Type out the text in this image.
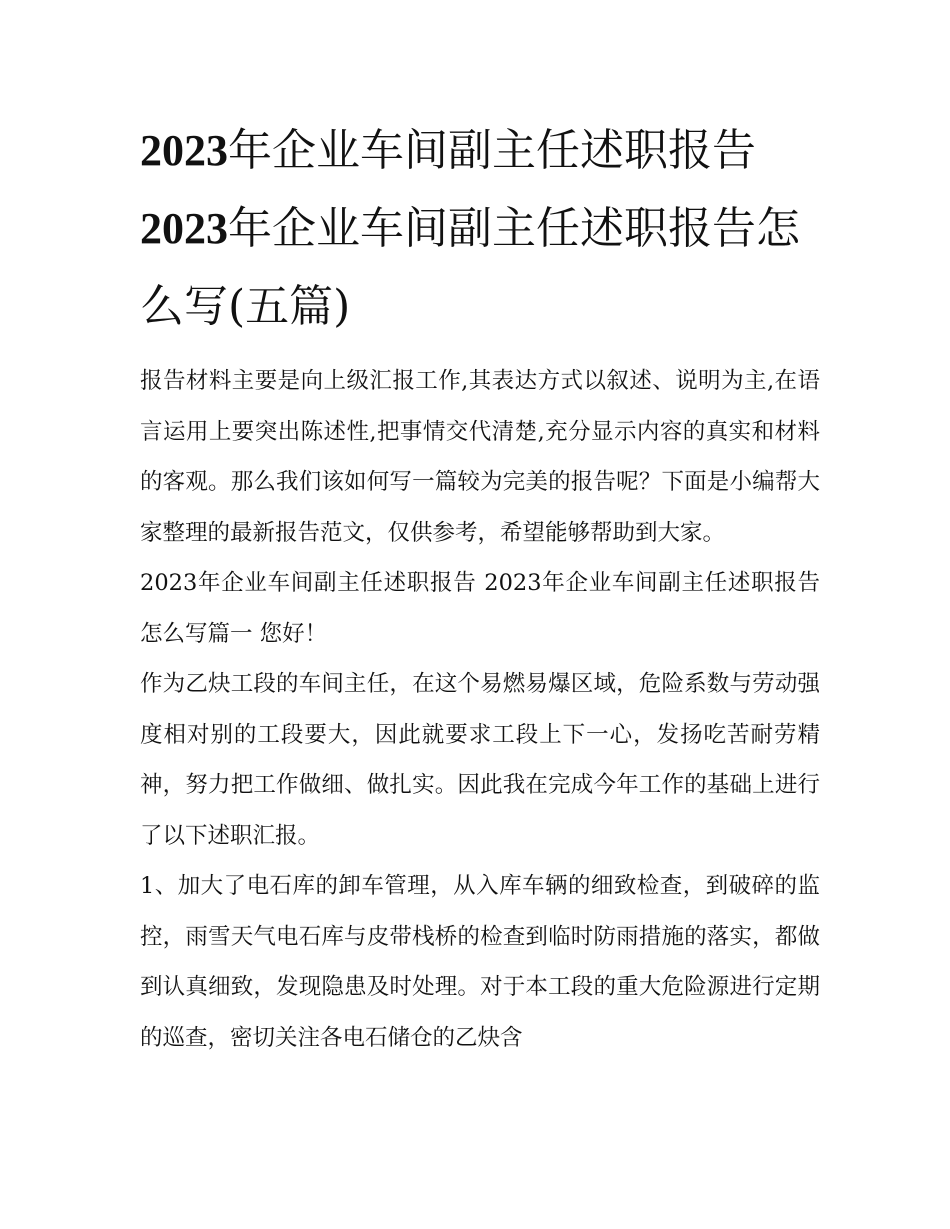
2023年企业车间副主任述职报告2023年企业车间副主任述职报告怎么写(五篇)

报告材料主要是向上级汇报工作,其表达方式以叙述、说明为主,在语言运用上要突出陈述性,把事情交代清楚,充分显示内容的真实和材料的客观。那么我们该如何写一篇较为完美的报告呢？下面是小编帮大家整理的最新报告范文，仅供参考，希望能够帮助到大家。

2023年企业车间副主任述职报告 2023年企业车间副主任述职报告怎么写篇一 您好！

作为乙炔工段的车间主任，在这个易燃易爆区域，危险系数与劳动强度相对别的工段要大，因此就要求工段上下一心，发扬吃苦耐劳精神，努力把工作做细、做扎实。因此我在完成今年工作的基础上进行了以下述职汇报。

1、加大了电石库的卸车管理，从入库车辆的细致检查，到破碎的监控，雨雪天气电石库与皮带栈桥的检查到临时防雨措施的落实，都做到认真细致，发现隐患及时处理。对于本工段的重大危险源进行定期的巡查，密切关注各电石储仓的乙炔含
